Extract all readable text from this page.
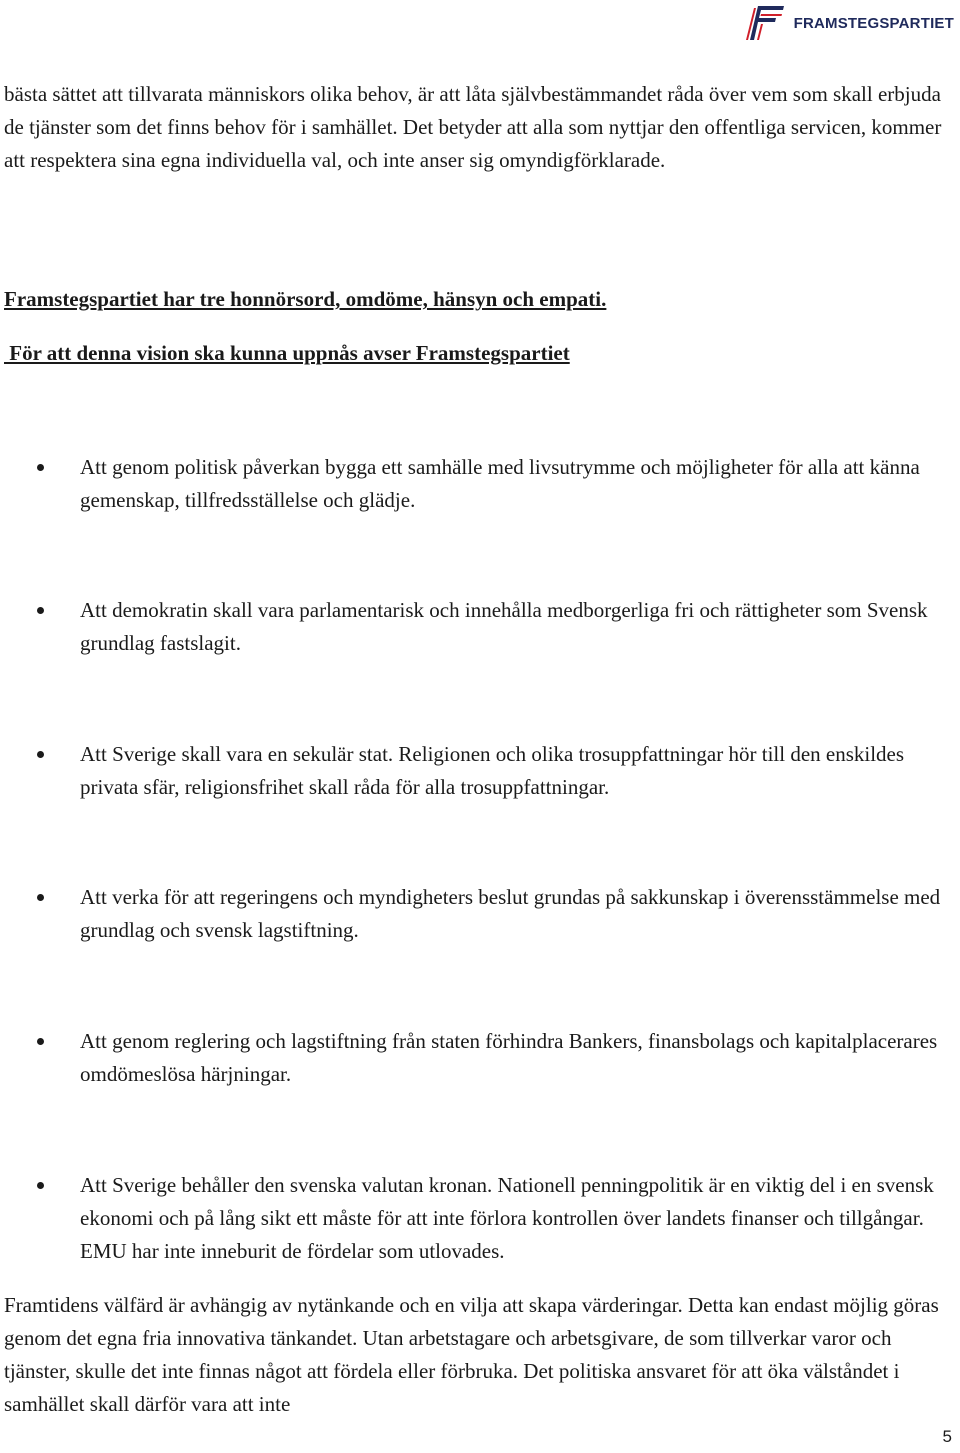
FRAMSTEGSPARTIET
bästa sättet att tillvarata människors olika behov, är att låta självbestämmandet råda över vem som skall erbjuda de tjänster som det finns behov för i samhället. Det betyder att alla som nyttjar den offentliga servicen, kommer att respektera sina egna individuella val, och inte anser sig omyndigförklarade.
Framstegspartiet har tre honnörsord, omdöme, hänsyn och empati.
För att denna vision ska kunna uppnås avser Framstegspartiet
Att genom politisk påverkan bygga ett samhälle med livsutrymme och möjligheter för alla att känna gemenskap, tillfredsställelse och glädje.
Att demokratin skall vara parlamentarisk och innehålla medborgerliga fri och rättigheter som Svensk grundlag fastslagit.
Att Sverige skall vara en sekulär stat. Religionen och olika trosuppfattningar hör till den enskildes privata sfär, religionsfrihet skall råda för alla trosuppfattningar.
Att verka för att regeringens och myndigheters beslut grundas på sakkunskap i överensstämmelse med grundlag och svensk lagstiftning.
Att genom reglering och lagstiftning från staten förhindra Bankers, finansbolags och kapitalplacerares omdömeslösa härjningar.
Att Sverige behåller den svenska valutan kronan. Nationell penningpolitik är en viktig del i en svensk ekonomi och på lång sikt ett måste för att inte förlora kontrollen över landets finanser och tillgångar. EMU har inte inneburit de fördelar som utlovades.
Framtidens välfärd är avhängig av nytänkande och en vilja att skapa värderingar. Detta kan endast möjlig göras genom det egna fria innovativa tänkandet. Utan arbetstagare och arbetsgivare, de som tillverkar varor och tjänster, skulle det inte finnas något att fördela eller förbruka. Det politiska ansvaret för att öka välståndet i samhället skall därför vara att inte
5
